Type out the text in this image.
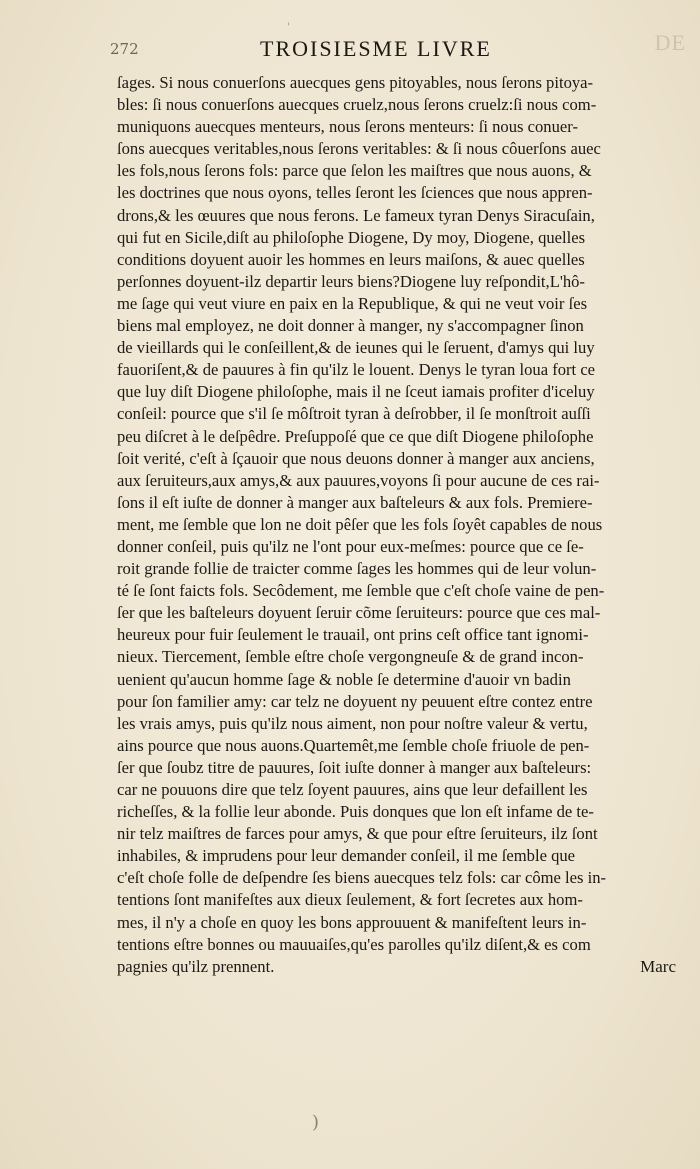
'
DE
272	TROISIESME LIVRE
ſages. Si nous conuerſons auecques gens pitoyables, nous ſerons pitoya-
bles: ſi nous conuerſons auecques cruelz,nous ſerons cruelz:ſi nous com-
muniquons auecques menteurs, nous ſerons menteurs: ſi nous conuer-
ſons auecques veritables,nous ſerons veritables: & ſi nous côuerſons auec
les fols,nous ſerons fols: parce que ſelon les maiſtres que nous auons, &
les doctrines que nous oyons, telles ſeront les ſciences que nous appren-
drons,& les œuures que nous ferons. Le fameux tyran Denys Siracuſain,
qui fut en Sicile,diſt au philoſophe Diogene, Dy moy, Diogene, quelles
conditions doyuent auoir les hommes en leurs maiſons, & auec quelles
perſonnes doyuent-ilz departir leurs biens?Diogene luy reſpondit,L'hô-
me ſage qui veut viure en paix en la Republique, & qui ne veut voir ſes
biens mal employez, ne doit donner à manger, ny s'accompagner ſinon
de vieillards qui le conſeillent,& de ieunes qui le ſeruent, d'amys qui luy
fauoriſent,& de pauures à fin qu'ilz le louent. Denys le tyran loua fort ce
que luy diſt Diogene philoſophe, mais il ne ſceut iamais profiter d'iceluy
conſeil: pource que s'il ſe môſtroit tyran à deſrobber, il ſe monſtroit auſſi
peu diſcret à le deſpêdre. Preſuppoſé que ce que diſt Diogene philoſophe
ſoit verité, c'eſt à ſçauoir que nous deuons donner à manger aux anciens,
aux ſeruiteurs,aux amys,& aux pauures,voyons ſi pour aucune de ces rai-
ſons il eſt iuſte de donner à manger aux baſteleurs & aux fols. Premiere-
ment, me ſemble que lon ne doit pêſer que les fols ſoyêt capables de nous
donner conſeil, puis qu'ilz ne l'ont pour eux-meſmes: pource que ce ſe-
roit grande follie de traicter comme ſages les hommes qui de leur volun-
té ſe ſont faicts fols. Secôdement, me ſemble que c'eſt choſe vaine de pen-
ſer que les baſteleurs doyuent ſeruir cõme ſeruiteurs: pource que ces mal-
heureux pour fuir ſeulement le trauail, ont prins ceſt office tant ignomi-
nieux. Tiercement, ſemble eſtre choſe vergongneuſe & de grand incon-
uenient qu'aucun homme ſage & noble ſe determine d'auoir vn badin
pour ſon familier amy: car telz ne doyuent ny peuuent eſtre contez entre
les vrais amys, puis qu'ilz nous aiment, non pour noſtre valeur & vertu,
ains pource que nous auons.Quartemêt,me ſemble choſe friuole de pen-
ſer que ſoubz titre de pauures, ſoit iuſte donner à manger aux baſteleurs:
car ne pouuons dire que telz ſoyent pauures, ains que leur defaillent les
richeſſes, & la follie leur abonde. Puis donques que lon eſt infame de te-
nir telz maiſtres de farces pour amys, & que pour eſtre ſeruiteurs, ilz ſont
inhabiles, & imprudens pour leur demander conſeil, il me ſemble que
c'eſt choſe folle de deſpendre ſes biens auecques telz fols: car côme les in-
tentions ſont manifeſtes aux dieux ſeulement, & fort ſecretes aux hom-
mes, il n'y a choſe en quoy les bons approuuent & manifeſtent leurs in-
tentions eſtre bonnes ou mauuaiſes,qu'es parolles qu'ilz diſent,& es com
pagnies qu'ilz prennent.	Marc

)
